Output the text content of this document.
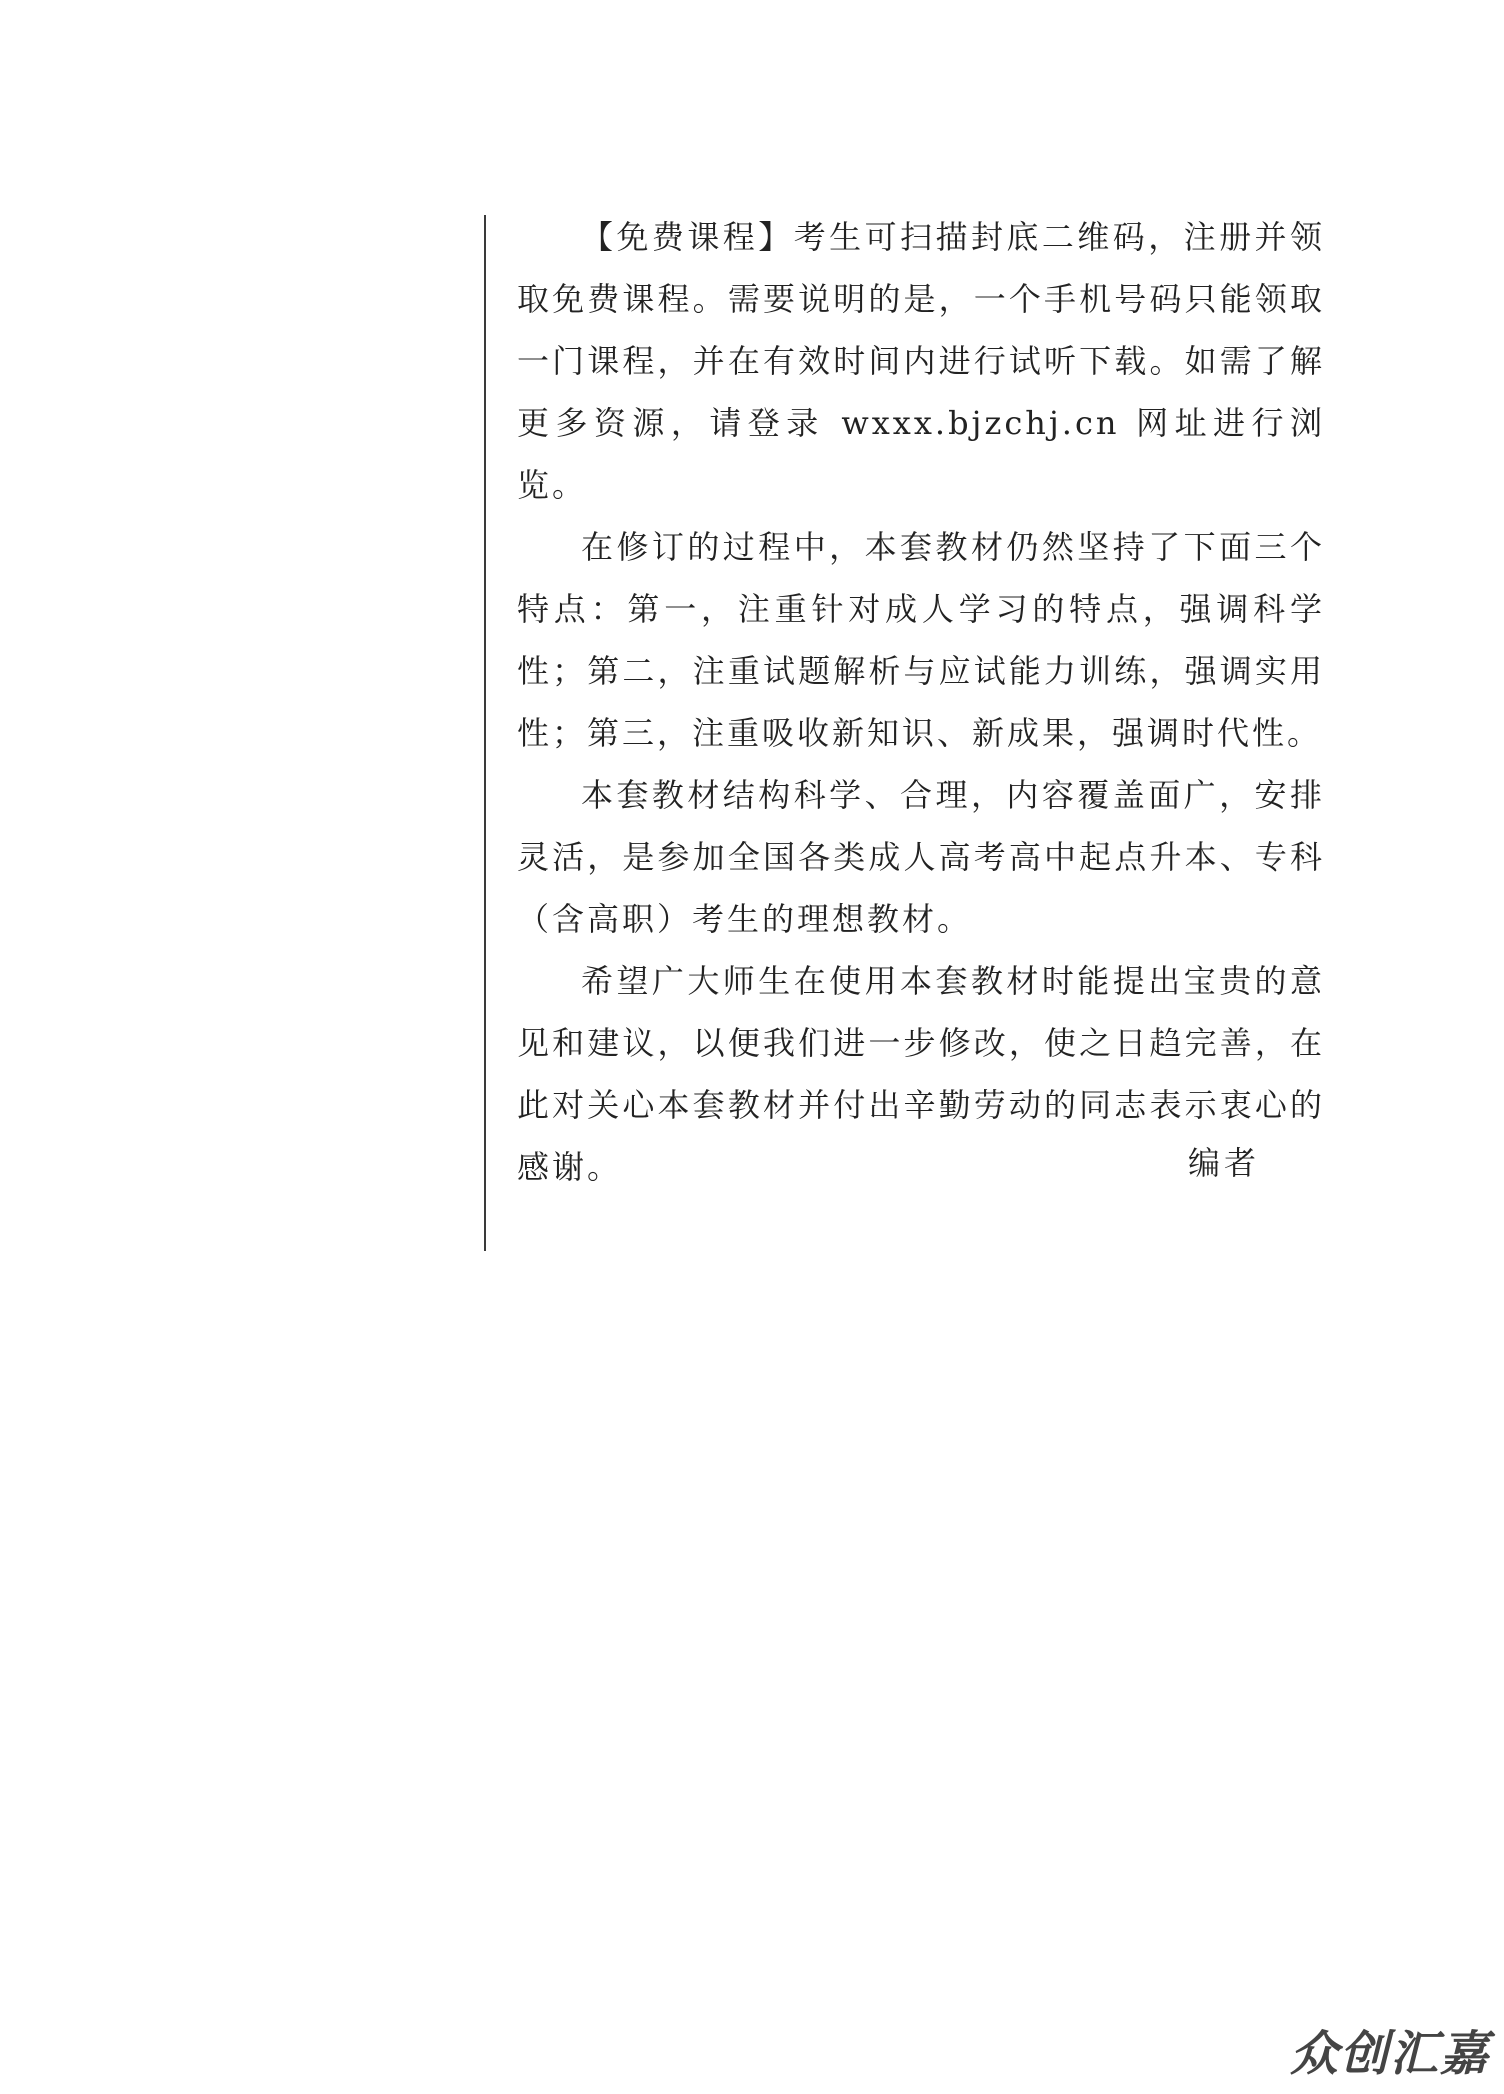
【免费课程】考生可扫描封底二维码，注册并领取免费课程。需要说明的是，一个手机号码只能领取一门课程，并在有效时间内进行试听下载。如需了解更多资源，请登录 wxxx.bjzchj.cn 网址进行浏览。

在修订的过程中，本套教材仍然坚持了下面三个特点：第一，注重针对成人学习的特点，强调科学性；第二，注重试题解析与应试能力训练，强调实用性；第三，注重吸收新知识、新成果，强调时代性。

本套教材结构科学、合理，内容覆盖面广，安排灵活，是参加全国各类成人高考高中起点升本、专科（含高职）考生的理想教材。

希望广大师生在使用本套教材时能提出宝贵的意见和建议，以便我们进一步修改，使之日趋完善，在此对关心本套教材并付出辛勤劳动的同志表示衷心的感谢。	编者
众创汇嘉
